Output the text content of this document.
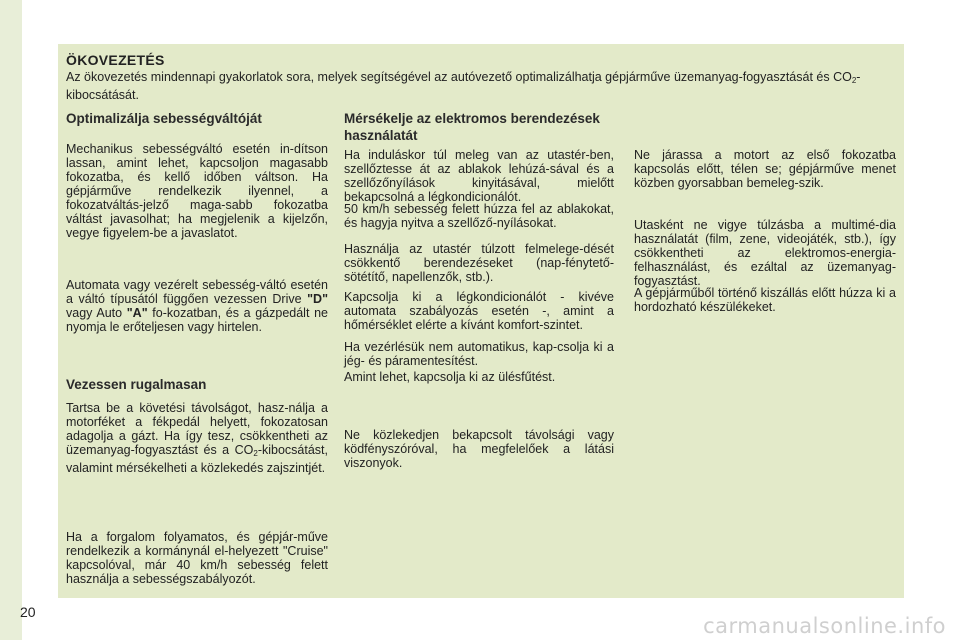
ÖKOVEZETÉS
Az ökovezetés mindennapi gyakorlatok sora, melyek segítségével az autóvezető optimalizálhatja gépjárműve üzemanyag-fogyasztását és $CO_2$-kibocsátását.
Optimalizálja sebességváltóját
Mechanikus sebességváltó esetén in-dítson lassan, amint lehet, kapcsoljon magasabb fokozatba, és kellő időben váltson. Ha gépjárműve rendelkezik ilyennel, a fokozatváltás-jelző maga-sabb fokozatba váltást javasolhat; ha megjelenik a kijelzőn, vegye figyelem-be a javaslatot.
Automata vagy vezérelt sebesség-váltó esetén a váltó típusától függően vezessen Drive "D" vagy Auto "A" fo-kozatban, és a gázpedált ne nyomja le erőteljesen vagy hirtelen.
Vezessen rugalmasan
Tartsa be a követési távolságot, hasz-nálja a motorféket a fékpedál helyett, fokozatosan adagolja a gázt. Ha így tesz, csökkentheti az üzemanyag-fogyasztást és a $CO_2$-kibocsátást, valamint mérsékelheti a közlekedés zajszintjét.
Ha a forgalom folyamatos, és gépjár-műve rendelkezik a kormánynál el-helyezett "Cruise" kapcsolóval, már 40 km/h sebesség felett használja a sebességszabályozót.
Mérsékelje az elektromos berendezések használatát
Ha induláskor túl meleg van az utastér-ben, szellőztesse át az ablakok lehúzá-sával és a szellőzőnyílások kinyitásával, mielőtt bekapcsolná a légkondicionálót.
50 km/h sebesség felett húzza fel az ablakokat, és hagyja nyitva a szellőző-nyílásokat.
Használja az utastér túlzott felmelege-dését csökkentő berendezéseket (nap-fénytető-sötétítő, napellenzők, stb.).
Kapcsolja ki a légkondicionálót - kivéve automata szabályozás esetén -, amint a hőmérséklet elérte a kívánt komfort-szintet.
Ha vezérlésük nem automatikus, kap-csolja ki a jég- és páramentesítést.
Amint lehet, kapcsolja ki az ülésfűtést.
Ne közlekedjen bekapcsolt távolsági vagy ködfényszóróval, ha megfelelőek a látási viszonyok.
Ne járassa a motort az első fokozatba kapcsolás előtt, télen se; gépjárműve menet közben gyorsabban bemeleg-szik.
Utasként ne vigye túlzásba a multimé-dia használatát (film, zene, videojáték, stb.), így csökkentheti az elektromos-energia-felhasználást, és ezáltal az üzemanyag-fogyasztást.
A gépjárműből történő kiszállás előtt húzza ki a hordozható készülékeket.
20
carmanualsonline.info
